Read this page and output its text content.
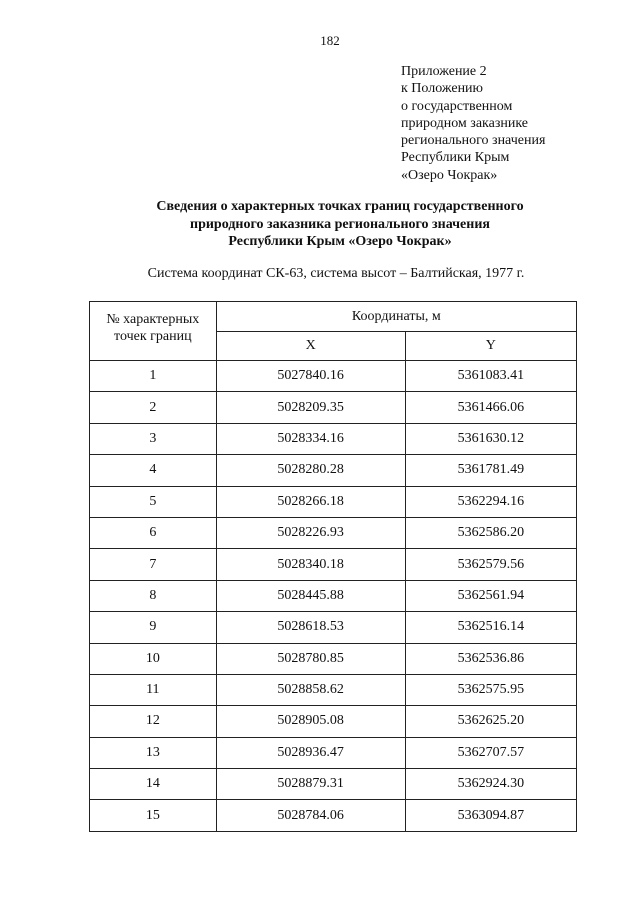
182
Приложение 2
к Положению
о государственном
природном заказнике
регионального значения
Республики Крым
«Озеро Чокрак»
Сведения о характерных точках границ государственного
природного заказника регионального значения
Республики Крым «Озеро Чокрак»
Система координат СК-63, система высот – Балтийская, 1977 г.
№ характерных
точек границ	Координаты, м	
	X	Y
1	5027840.16	5361083.41
2	5028209.35	5361466.06
3	5028334.16	5361630.12
4	5028280.28	5361781.49
5	5028266.18	5362294.16
6	5028226.93	5362586.20
7	5028340.18	5362579.56
8	5028445.88	5362561.94
9	5028618.53	5362516.14
10	5028780.85	5362536.86
11	5028858.62	5362575.95
12	5028905.08	5362625.20
13	5028936.47	5362707.57
14	5028879.31	5362924.30
15	5028784.06	5363094.87
